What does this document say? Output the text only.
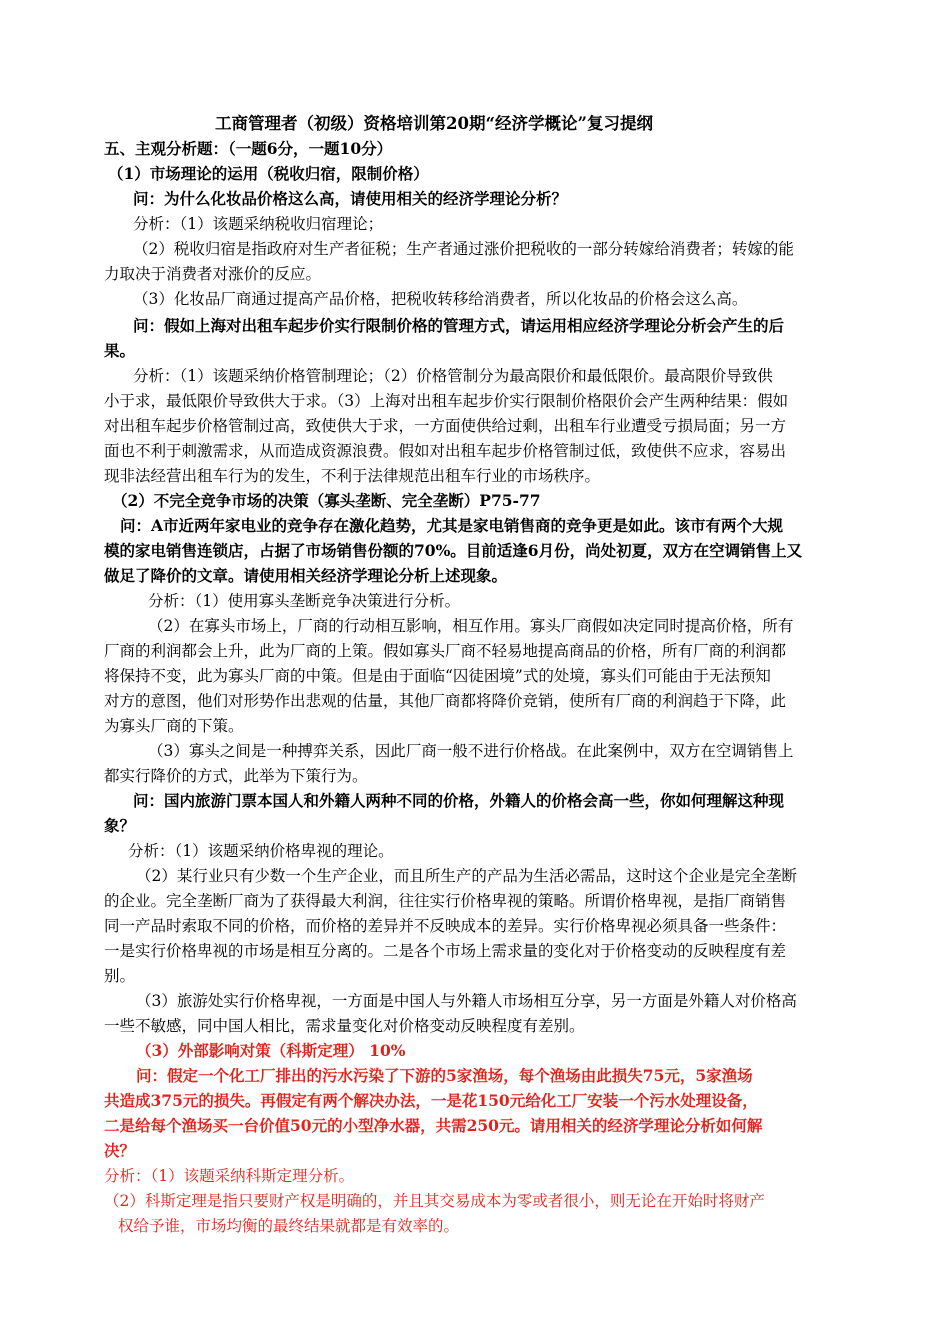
工商管理者（初级）资格培训第20期“经济学概论”复习提纲
五、主观分析题：（一题6分，一题10分）
（1）市场理论的运用（税收归宿，限制价格）
问：为什么化妆品价格这么高，请使用相关的经济学理论分析？
分析：（1）该题采纳税收归宿理论；
（2）税收归宿是指政府对生产者征税；生产者通过涨价把税收的一部分转嫁给消费者；转嫁的能
力取决于消费者对涨价的反应。
（3）化妆品厂商通过提高产品价格，把税收转移给消费者，所以化妆品的价格会这么高。
问：假如上海对出租车起步价实行限制价格的管理方式，请运用相应经济学理论分析会产生的后
果。
分析：（1）该题采纳价格管制理论；（2）价格管制分为最高限价和最低限价。最高限价导致供
小于求，最低限价导致供大于求。（3）上海对出租车起步价实行限制价格限价会产生两种结果：假如
对出租车起步价格管制过高，致使供大于求，一方面使供给过剩，出租车行业遭受亏损局面；另一方
面也不利于刺激需求，从而造成资源浪费。假如对出租车起步价格管制过低，致使供不应求，容易出
现非法经营出租车行为的发生，不利于法律规范出租车行业的市场秩序。
（2）不完全竞争市场的决策（寡头垄断、完全垄断）P75-77
问：A市近两年家电业的竞争存在激化趋势，尤其是家电销售商的竞争更是如此。该市有两个大规
模的家电销售连锁店，占据了市场销售份额的70%。目前适逢6月份，尚处初夏，双方在空调销售上又
做足了降价的文章。请使用相关经济学理论分析上述现象。
分析：（1）使用寡头垄断竞争决策进行分析。
（2）在寡头市场上，厂商的行动相互影响，相互作用。寡头厂商假如决定同时提高价格，所有
厂商的利润都会上升，此为厂商的上策。假如寡头厂商不轻易地提高商品的价格，所有厂商的利润都
将保持不变，此为寡头厂商的中策。但是由于面临“囚徒困境”式的处境，寡头们可能由于无法预知
对方的意图，他们对形势作出悲观的估量，其他厂商都将降价竞销，使所有厂商的利润趋于下降，此
为寡头厂商的下策。
（3）寡头之间是一种搏弈关系，因此厂商一般不进行价格战。在此案例中，双方在空调销售上
都实行降价的方式，此举为下策行为。
问：国内旅游门票本国人和外籍人两种不同的价格，外籍人的价格会高一些，你如何理解这种现
象？
分析：（1）该题采纳价格卑视的理论。
（2）某行业只有少数一个生产企业，而且所生产的产品为生活必需品，这时这个企业是完全垄断
的企业。完全垄断厂商为了获得最大利润，往往实行价格卑视的策略。所谓价格卑视，是指厂商销售
同一产品时索取不同的价格，而价格的差异并不反映成本的差异。实行价格卑视必须具备一些条件：
一是实行价格卑视的市场是相互分离的。二是各个市场上需求量的变化对于价格变动的反映程度有差
别。
（3）旅游处实行价格卑视，一方面是中国人与外籍人市场相互分享，另一方面是外籍人对价格高
一些不敏感，同中国人相比，需求量变化对价格变动反映程度有差别。
（3）外部影响对策（科斯定理） 10%
问：假定一个化工厂排出的污水污染了下游的5家渔场，每个渔场由此损失75元，5家渔场
共造成375元的损失。再假定有两个解决办法，一是花150元给化工厂安装一个污水处理设备，
二是给每个渔场买一台价值50元的小型净水器，共需250元。请用相关的经济学理论分析如何解
决？
分析：（1）该题采纳科斯定理分析。
（2）科斯定理是指只要财产权是明确的，并且其交易成本为零或者很小，则无论在开始时将财产
权给予谁，市场均衡的最终结果就都是有效率的。
